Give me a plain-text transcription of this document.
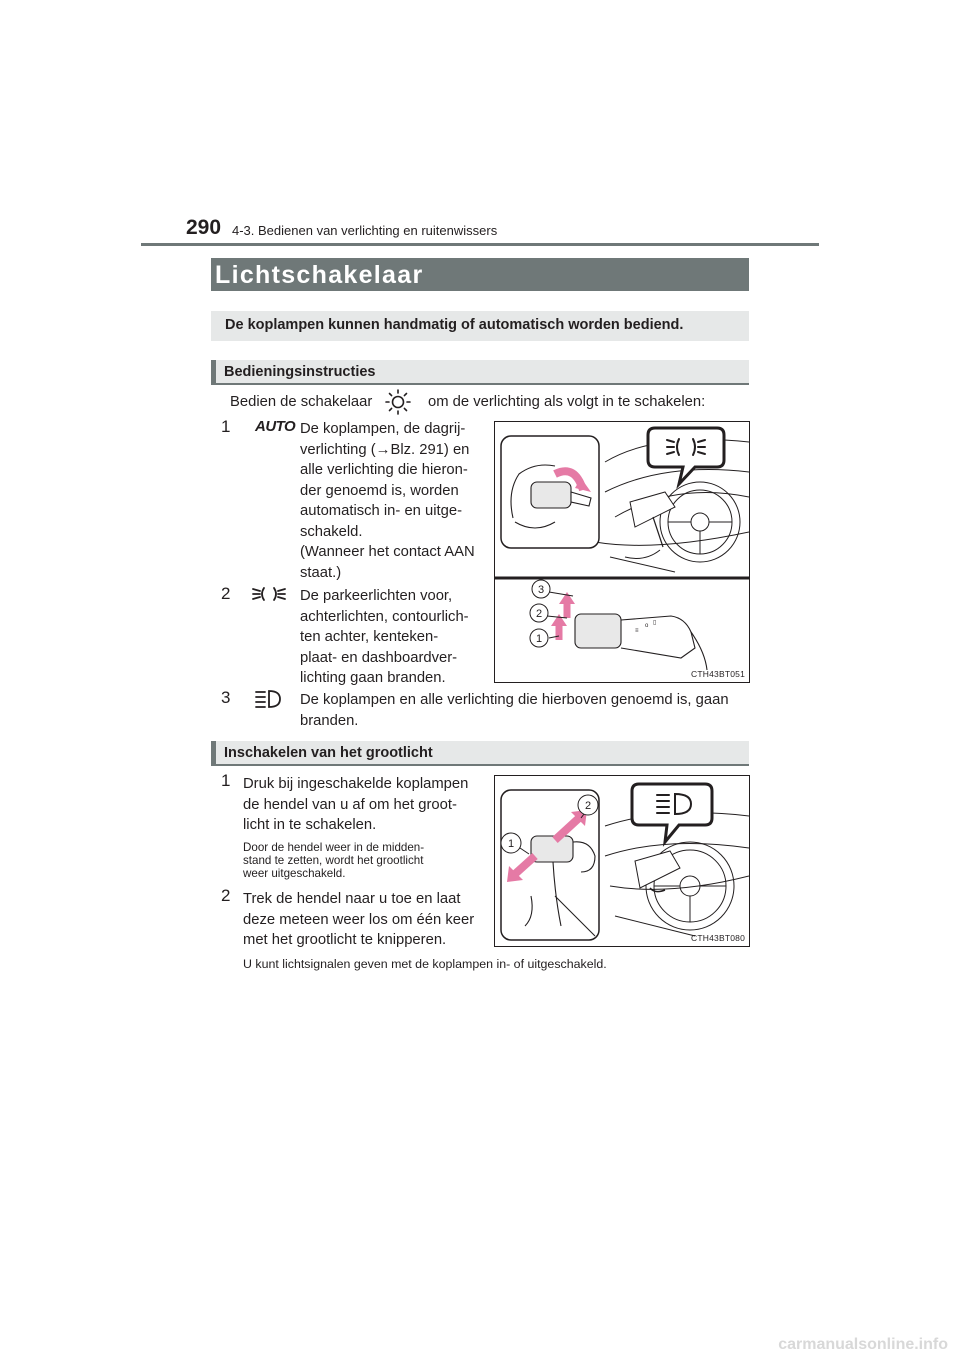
290 4-3. Bedienen van verlichting en ruitenwissers
Lichtschakelaar
De koplampen kunnen handmatig of automatisch worden bediend.
Bedieningsinstructies
Bedien de schakelaar	om de verlichting als volgt in te schakelen:
1 AUTO De koplampen, de dagrij-
verlichting (→Blz. 291) en
alle verlichting die hieron-
der genoemd is, worden
automatisch in- en uitge-
schakeld.
(Wanneer het contact AAN
staat.)
2	De parkeerlichten voor,
achterlichten, contourlich-
ten achter, kenteken-
plaat- en dashboardver-
lichting gaan branden.
≡
o ▯
3
2
1
CTH43BT051
3	De koplampen en alle verlichting die hierboven genoemd is, gaan
branden.
Inschakelen van het grootlicht
1 Druk bij ingeschakelde koplampen
de hendel van u af om het groot-
licht in te schakelen.
Door de hendel weer in de midden-
stand te zetten, wordt het grootlicht
weer uitgeschakeld.
2 Trek de hendel naar u toe en laat
deze meteen weer los om één keer
met het grootlicht te knipperen.
U kunt lichtsignalen geven met de koplampen in- of uitgeschakeld.
2
1
CTH43BT080
carmanualsonline.info
